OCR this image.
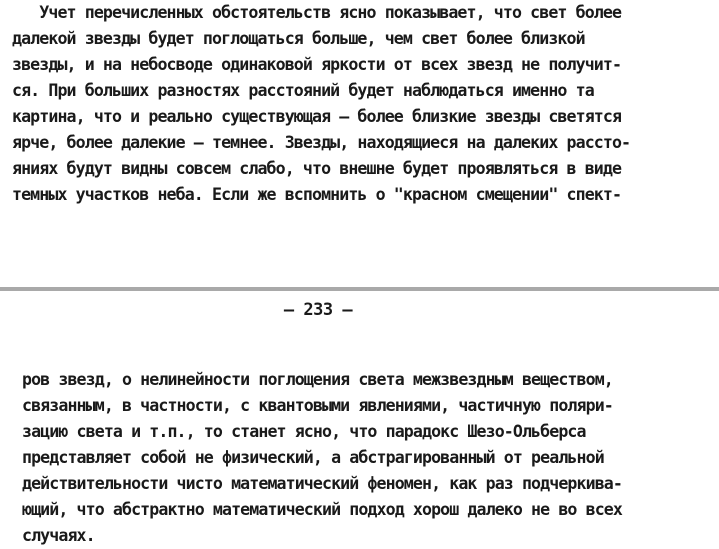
Учет перечисленных обстоятельств ясно показывает, что свет более
далекой звезды будет поглощаться больше, чем свет более близкой
звезды, и на небосводе одинаковой яркости от всех звезд не получит-
ся. При больших разностях расстояний будет наблюдаться именно та
картина, что и реально существующая – более близкие звезды светятся
ярче, более далекие – темнее. Звезды, находящиеся на далеких рассто-
яниях будут видны совсем слабо, что внешне будет проявляться в виде
темных участков неба. Если же вспомнить о "красном смещении" спект-
– 233 –
ров звезд, о нелинейности поглощения света межзвездным веществом,
связанным, в частности, с квантовыми явлениями, частичную поляри-
зацию света и т.п., то станет ясно, что парадокс Шезо-Ольберса
представляет собой не физический, а абстрагированный от реальной
действительности чисто математический феномен, как раз подчеркива-
ющий, что абстрактно математический подход хорош далеко не во всех
случаях.
